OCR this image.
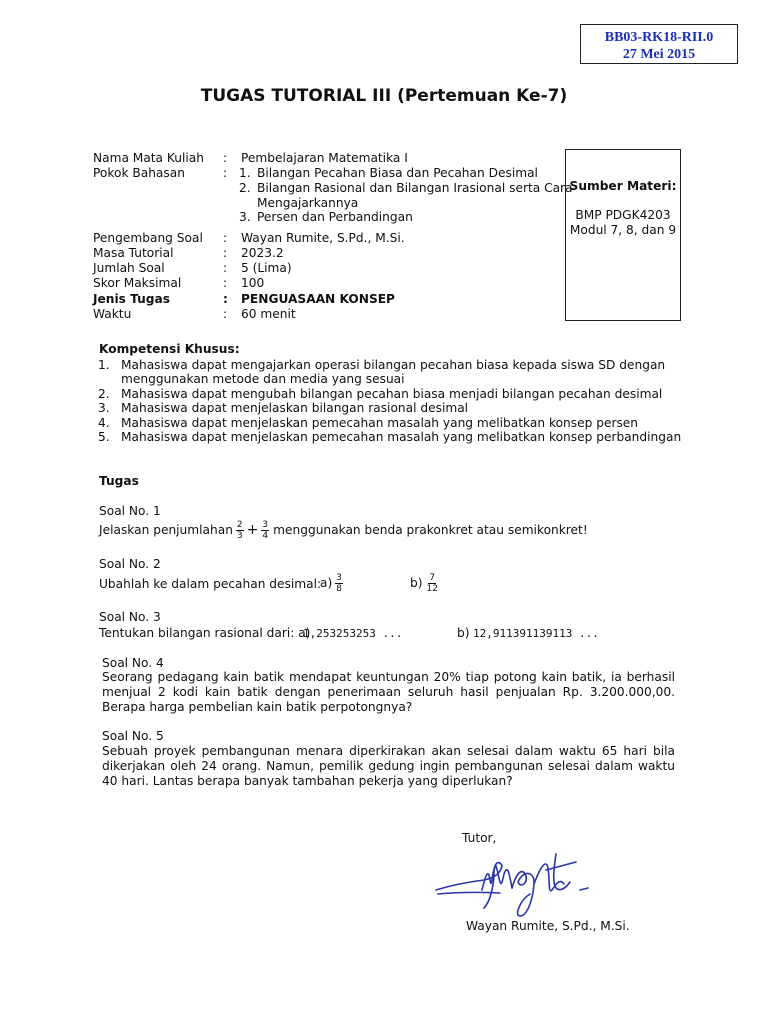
BB03-RK18-RII.0
27 Mei 2015
TUGAS TUTORIAL III (Pertemuan Ke-7)
Nama Mata Kuliah : Pembelajaran Matematika I
Pokok Bahasan	: 1. Bilangan Pecahan Biasa dan Pecahan Desimal
2. Bilangan Rasional dan Bilangan Irasional serta Cara
Mengajarkannya
3. Persen dan Perbandingan
Pengembang Soal : Wayan Rumite, S.Pd., M.Si.
Masa Tutorial	: 2023.2
Jumlah Soal	: 5 (Lima)
Skor Maksimal	: 100
Jenis Tugas	: PENGUASAAN KONSEP
Waktu	: 60 menit
Sumber Materi:
BMP PDGK4203
Modul 7, 8, dan 9
Kompetensi Khusus:
1. Mahasiswa dapat mengajarkan operasi bilangan pecahan biasa kepada siswa SD dengan
menggunakan metode dan media yang sesuai
2. Mahasiswa dapat mengubah bilangan pecahan biasa menjadi bilangan pecahan desimal
3. Mahasiswa dapat menjelaskan bilangan rasional desimal
4. Mahasiswa dapat menjelaskan pemecahan masalah yang melibatkan konsep persen
5. Mahasiswa dapat menjelaskan pemecahan masalah yang melibatkan konsep perbandingan
Tugas
Soal No. 1
Jelaskan penjumlahan $\frac{2}{3} + \frac{3}{4}$ menggunakan benda prakonkret atau semikonkret!
Soal No. 2
Ubahlah ke dalam pecahan desimal:
$a) \frac{3}{8}$	$b) \frac{7}{12}$
Soal No. 3
Tentukan bilangan rasional dari: a)
1,253253253 ...	b) 12,911391139113 ...
Soal No. 4
Seorang pedagang kain batik mendapat keuntungan 20% tiap potong kain batik, ia berhasil menjual 2 kodi kain batik dengan penerimaan seluruh hasil penjualan Rp. 3.200.000,00. Berapa harga pembelian kain batik perpotongnya?
Soal No. 5
Sebuah proyek pembangunan menara diperkirakan akan selesai dalam waktu 65 hari bila dikerjakan oleh 24 orang. Namun, pemilik gedung ingin pembangunan selesai dalam waktu 40 hari. Lantas berapa banyak tambahan pekerja yang diperlukan?
Tutor,
Wayan Rumite, S.Pd., M.Si.
